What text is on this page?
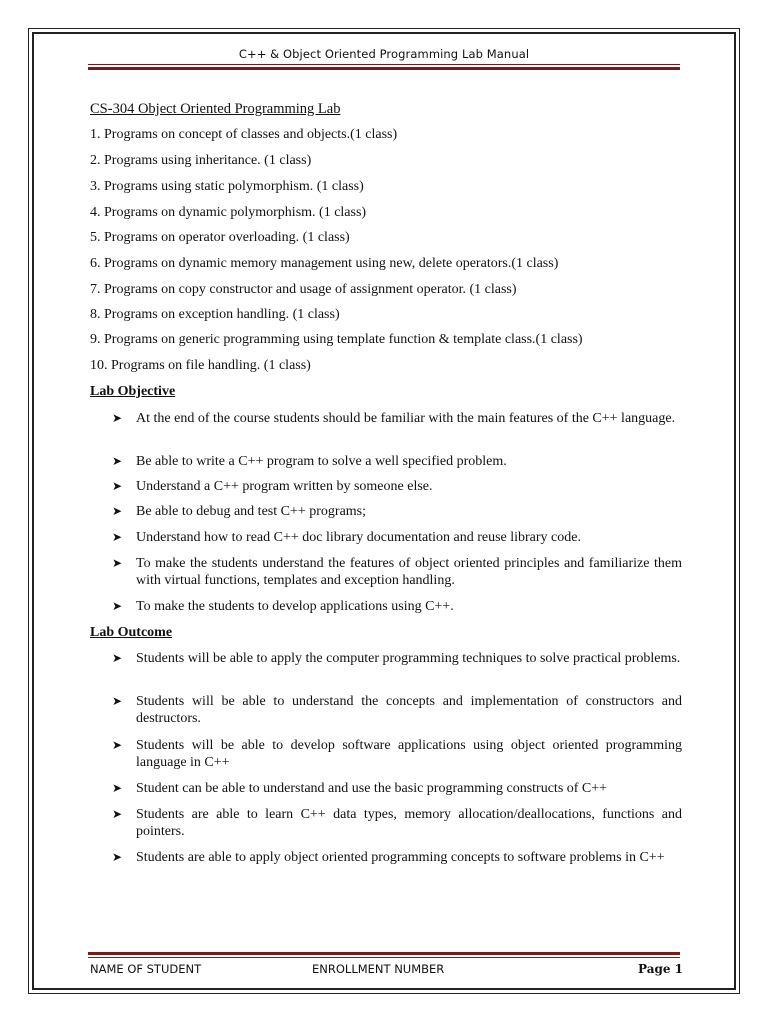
C++ & Object Oriented Programming Lab Manual
CS-304 Object Oriented Programming Lab
1. Programs on concept of classes and objects.(1 class)
2. Programs using inheritance. (1 class)
3. Programs using static polymorphism. (1 class)
4. Programs on dynamic polymorphism. (1 class)
5. Programs on operator overloading. (1 class)
6. Programs on dynamic memory management using new, delete operators.(1 class)
7. Programs on copy constructor and usage of assignment operator. (1 class)
8. Programs on exception handling. (1 class)
9. Programs on generic programming using template function & template class.(1 class)
10. Programs on file handling. (1 class)
Lab Objective
➤ At the end of the course students should be familiar with the main features of the C++ language.
➤ Be able to write a C++ program to solve a well specified problem.
➤ Understand a C++ program written by someone else.
➤ Be able to debug and test C++ programs;
➤ Understand how to read C++ doc library documentation and reuse library code.
➤ To make the students understand the features of object oriented principles and familiarize them with virtual functions, templates and exception handling.
➤ To make the students to develop applications using C++.
Lab Outcome
➤ Students will be able to apply the computer programming techniques to solve practical problems.
➤ Students will be able to understand the concepts and implementation of constructors and destructors.
➤ Students will be able to develop software applications using object oriented programming language in C++
➤ Student can be able to understand and use the basic programming constructs of C++
➤ Students are able to learn C++ data types, memory allocation/deallocations, functions and pointers.
➤ Students are able to apply object oriented programming concepts to software problems in C++
NAME OF STUDENT	ENROLLMENT NUMBER	Page 1
